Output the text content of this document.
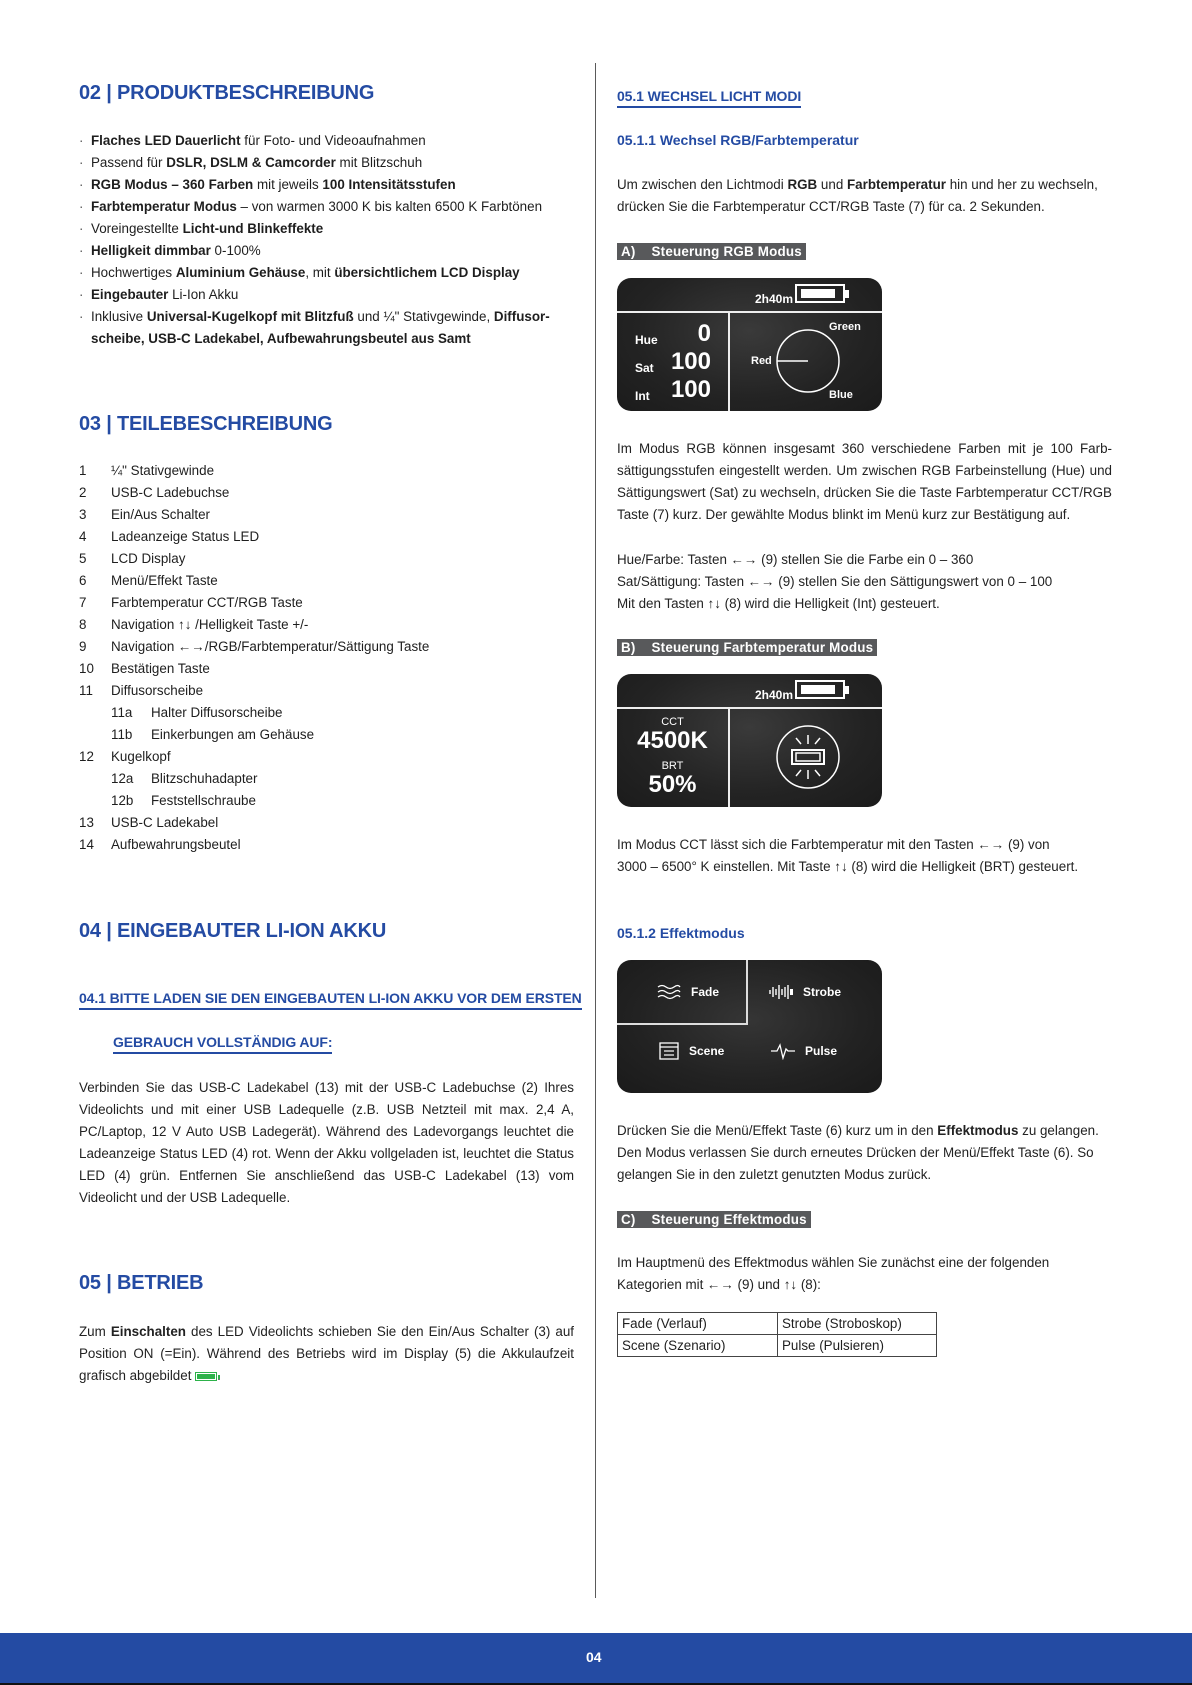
02 | PRODUKTBESCHREIBUNG
· Flaches LED Dauerlicht für Foto- und Videoaufnahmen
· Passend für DSLR, DSLM & Camcorder mit Blitzschuh
· RGB Modus – 360 Farben mit jeweils 100 Intensitätsstufen
· Farbtemperatur Modus – von warmen 3000 K bis kalten 6500 K Farbtönen
· Voreingestellte Licht-und Blinkeffekte
· Helligkeit dimmbar 0-100%
· Hochwertiges Aluminium Gehäuse, mit übersichtlichem LCD Display
· Eingebauter Li-Ion Akku
· Inklusive Universal-Kugelkopf mit Blitzfuß und ¼" Stativgewinde, Diffusorscheibe, USB-C Ladekabel, Aufbewahrungsbeutel aus Samt
03 | TEILEBESCHREIBUNG
1	¼" Stativgewinde
2	USB-C Ladebuchse
3	Ein/Aus Schalter
4	Ladeanzeige Status LED
5	LCD Display
6	Menü/Effekt Taste
7	Farbtemperatur CCT/RGB Taste
8	Navigation ↑↓ /Helligkeit Taste +/-
9	Navigation ←→/RGB/Farbtemperatur/Sättigung Taste
10	Bestätigen Taste
11	Diffusorscheibe
11a	Halter Diffusorscheibe
11b	Einkerbungen am Gehäuse
12	Kugelkopf
12a	Blitzschuhadapter
12b	Feststellschraube
13	USB-C Ladekabel
14	Aufbewahrungsbeutel
04 | EINGEBAUTER LI-ION AKKU
04.1 BITTE LADEN SIE DEN EINGEBAUTEN LI-ION AKKU VOR DEM ERSTEN
GEBRAUCH VOLLSTÄNDIG AUF:

Verbinden Sie das USB-C Ladekabel (13) mit der USB-C Ladebuchse (2) Ihres Videolichts und mit einer USB Ladequelle (z.B. USB Netzteil mit max. 2,4 A, PC/Laptop, 12 V Auto USB Ladegerät). Während des Ladevorgangs leuchtet die Ladeanzeige Status LED (4) rot. Wenn der Akku vollgeladen ist, leuchtet die Status LED (4) grün. Entfernen Sie anschließend das USB-C Ladekabel (13) vom Videolicht und der USB Ladequelle.

05 | BETRIEB

Zum Einschalten des LED Videolichts schieben Sie den Ein/Aus Schalter (3) auf Position ON (=Ein). Während des Betriebs wird im Display (5) die Akkulaufzeit grafisch abgebildet

05.1 WECHSEL LICHT MODI
05.1.1 Wechsel RGB/Farbtemperatur

Um zwischen den Lichtmodi RGB und Farbtemperatur hin und her zu wechseln, drücken Sie die Farbtemperatur CCT/RGB Taste (7) für ca. 2 Sekunden.

A) Steuerung RGB Modus
2h40m
Hue	0
Sat 100
Int 100
Green
Red
Blue

Im Modus RGB können insgesamt 360 verschiedene Farben mit je 100 Farbsättigungsstufen eingestellt werden. Um zwischen RGB Farbeinstellung (Hue) und Sättigungswert (Sat) zu wechseln, drücken Sie die Taste Farbtemperatur CCT/RGB Taste (7) kurz. Der gewählte Modus blinkt im Menü kurz zur Bestätigung auf.

Hue/Farbe: Tasten ←→ (9) stellen Sie die Farbe ein 0 – 360
Sat/Sättigung: Tasten ←→ (9) stellen Sie den Sättigungswert von 0 – 100
Mit den Tasten ↑↓ (8) wird die Helligkeit (Int) gesteuert.
B) Steuerung Farbtemperatur Modus
2h40m
CCT
4500K
BRT
50%
Im Modus CCT lässt sich die Farbtemperatur mit den Tasten ←→ (9) von
3000 – 6500° K einstellen. Mit Taste ↑↓ (8) wird die Helligkeit (BRT) gesteuert.
05.1.2 Effektmodus
Fade	Strobe
Scene	Pulse

Drücken Sie die Menü/Effekt Taste (6) kurz um in den Effektmodus zu gelangen. Den Modus verlassen Sie durch erneutes Drücken der Menü/Effekt Taste (6). So gelangen Sie in den zuletzt genutzten Modus zurück.

C) Steuerung Effektmodus
Im Hauptmenü des Effektmodus wählen Sie zunächst eine der folgenden
Kategorien mit ←→ (9) und ↑↓ (8):
Fade (Verlauf)	Strobe (Stroboskop)
Scene (Szenario)	Pulse (Pulsieren)
04
